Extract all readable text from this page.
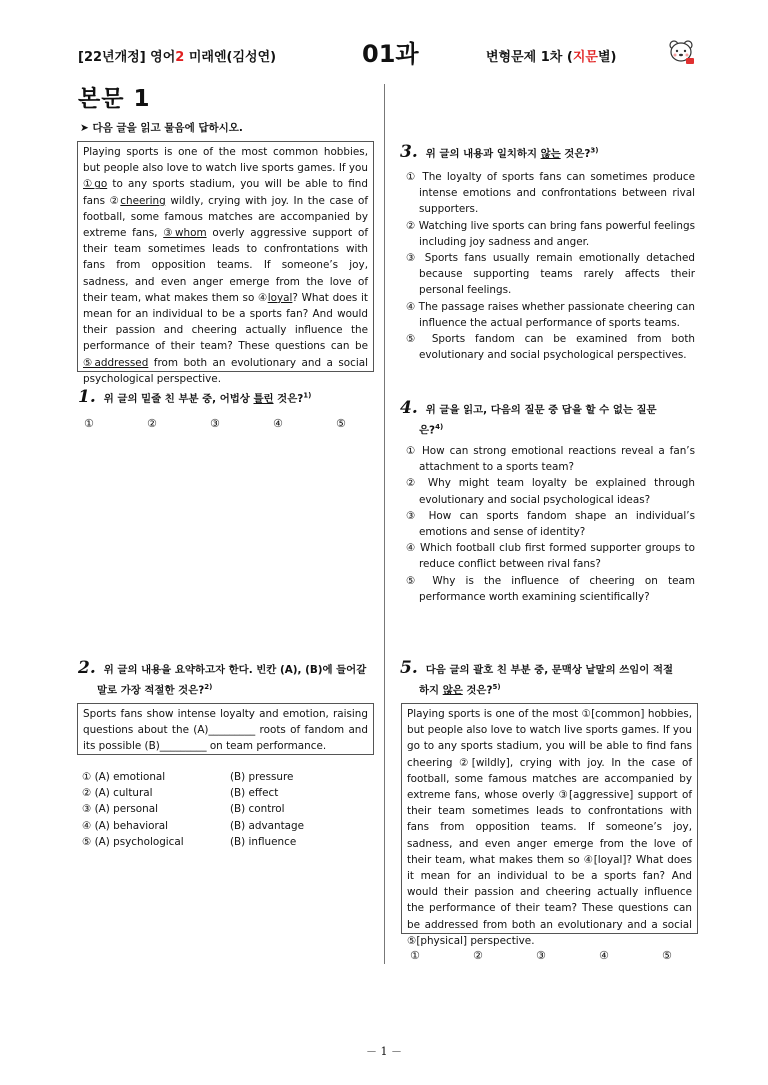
[22년개정] 영어2 미래엔(김성연)	01과	변형문제 1차 (지문별)
본문 1
➤ 다음 글을 읽고 물음에 답하시오.
Playing sports is one of the most common hobbies, but people also love to watch live sports games. If you ①go to any sports stadium, you will be able to find fans ②cheering wildly, crying with joy. In the case of football, some famous matches are accompanied by extreme fans, ③whom overly aggressive support of their team sometimes leads to confrontations with fans from opposition teams. If someone’s joy, sadness, and even anger emerge from the love of their team, what makes them so ④loyal? What does it mean for an individual to be a sports fan? And would their passion and cheering actually influence the performance of their team? These questions can be ⑤addressed from both an evolutionary and a social psychological perspective.
1. 위 글의 밑줄 친 부분 중, 어법상 틀린 것은?$^{1)}$
①	②	③	④	⑤
2. 위 글의 내용을 요약하고자 한다. 빈칸 (A), (B)에 들어갈
말로 가장 적절한 것은?$^{2)}$
Sports fans show intense loyalty and emotion, raising questions about the (A)_________ roots of fandom and its possible (B)_________ on team performance.
① (A) emotional	(B) pressure
② (A) cultural	(B) effect
③ (A) personal	(B) control
④ (A) behavioral	(B) advantage
⑤ (A) psychological	(B) influence
3. 위 글의 내용과 일치하지 않는 것은?$^{3)}$
① The loyalty of sports fans can sometimes produce intense emotions and confrontations between rival supporters.
② Watching live sports can bring fans powerful feelings including joy sadness and anger.
③ Sports fans usually remain emotionally detached because supporting teams rarely affects their personal feelings.
④ The passage raises whether passionate cheering can influence the actual performance of sports teams.
⑤ Sports fandom can be examined from both evolutionary and social psychological perspectives.
4. 위 글을 읽고, 다음의 질문 중 답을 할 수 없는 질문
은?$^{4)}$
① How can strong emotional reactions reveal a fan’s attachment to a sports team?
② Why might team loyalty be explained through evolutionary and social psychological ideas?
③ How can sports fandom shape an individual’s emotions and sense of identity?
④ Which football club first formed supporter groups to reduce conflict between rival fans?
⑤ Why is the influence of cheering on team performance worth examining scientifically?
5. 다음 글의 괄호 친 부분 중, 문맥상 낱말의 쓰임이 적절
하지 않은 것은?$^{5)}$
Playing sports is one of the most ①[common] hobbies, but people also love to watch live sports games. If you go to any sports stadium, you will be able to find fans cheering ②[wildly], crying with joy. In the case of football, some famous matches are accompanied by extreme fans, whose overly ③[aggressive] support of their team sometimes leads to confrontations with fans from opposition teams. If someone’s joy, sadness, and even anger emerge from the love of their team, what makes them so ④[loyal]? What does it mean for an individual to be a sports fan? And would their passion and cheering actually influence the performance of their team? These questions can be addressed from both an evolutionary and a social ⑤[physical] perspective.
①	②	③	④	⑤
－ 1 －
